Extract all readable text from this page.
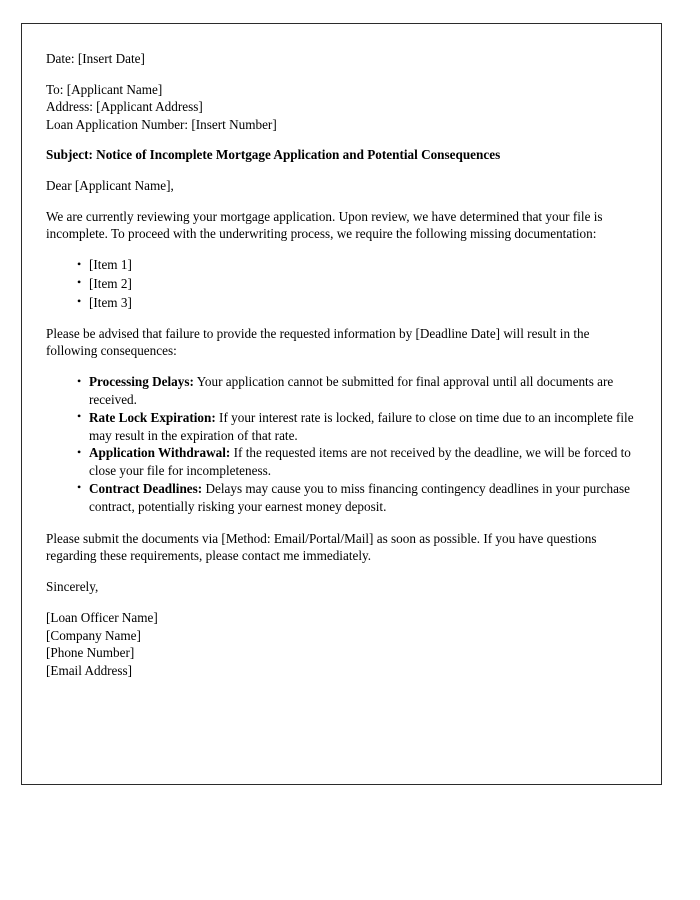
Date: [Insert Date]
To: [Applicant Name]
Address: [Applicant Address]
Loan Application Number: [Insert Number]
Subject: Notice of Incomplete Mortgage Application and Potential Consequences
Dear [Applicant Name],

We are currently reviewing your mortgage application. Upon review, we have determined that your file is incomplete. To proceed with the underwriting process, we require the following missing documentation:

• [Item 1]
• [Item 2]
• [Item 3]

Please be advised that failure to provide the requested information by [Deadline Date] will result in the following consequences:

• Processing Delays: Your application cannot be submitted for final approval until all documents are received.
• Rate Lock Expiration: If your interest rate is locked, failure to close on time due to an incomplete file may result in the expiration of that rate.
• Application Withdrawal: If the requested items are not received by the deadline, we will be forced to close your file for incompleteness.
• Contract Deadlines: Delays may cause you to miss financing contingency deadlines in your purchase contract, potentially risking your earnest money deposit.

Please submit the documents via [Method: Email/Portal/Mail] as soon as possible. If you have questions regarding these requirements, please contact me immediately.

Sincerely,
[Loan Officer Name]
[Company Name]
[Phone Number]
[Email Address]
